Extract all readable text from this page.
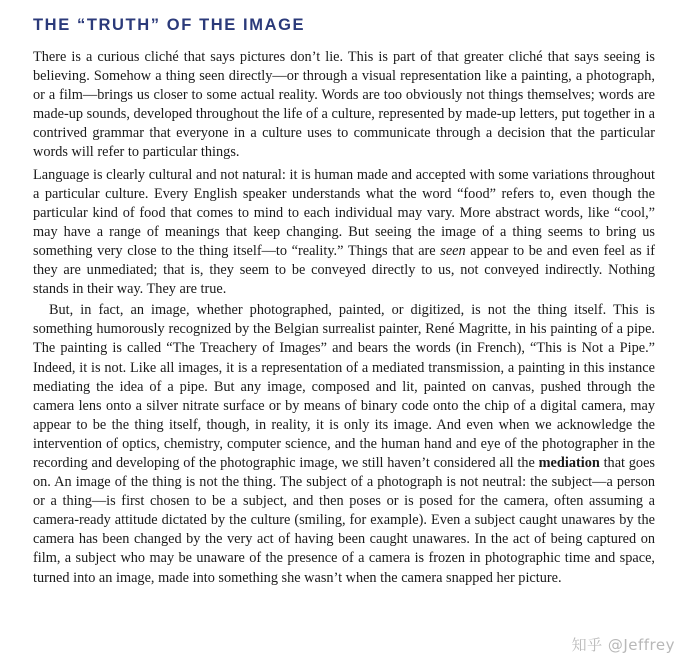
THE “TRUTH” OF THE IMAGE

There is a curious cliché that says pictures don’t lie. This is part of that greater cliché that says seeing is believing. Somehow a thing seen directly—or through a visual representation like a painting, a photograph, or a film—brings us closer to some actual reality. Words are too obviously not things themselves; words are made-up sounds, developed throughout the life of a culture, represented by made-up letters, put together in a contrived grammar that everyone in a culture uses to communicate through a decision that the particular words will refer to particular things.

Language is clearly cultural and not natural: it is human made and accepted with some variations throughout a particular culture. Every English speaker understands what the word “food” refers to, even though the particular kind of food that comes to mind to each individual may vary. More abstract words, like “cool,” may have a range of meanings that keep changing. But seeing the image of a thing seems to bring us something very close to the thing itself—to “reality.” Things that are seen appear to be and even feel as if they are unmediated; that is, they seem to be conveyed directly to us, not conveyed indirectly. Nothing stands in their way. They are true.

But, in fact, an image, whether photographed, painted, or digitized, is not the thing itself. This is something humorously recognized by the Belgian surrealist painter, René Magritte, in his painting of a pipe. The painting is called “The Treachery of Images” and bears the words (in French), “This is Not a Pipe.” Indeed, it is not. Like all images, it is a representation of a mediated transmission, a painting in this instance mediating the idea of a pipe. But any image, composed and lit, painted on canvas, pushed through the camera lens onto a silver nitrate surface or by means of binary code onto the chip of a digital camera, may appear to be the thing itself, though, in reality, it is only its image. And even when we acknowledge the intervention of optics, chemistry, computer science, and the human hand and eye of the photographer in the recording and developing of the photographic image, we still haven’t considered all the mediation that goes on. An image of the thing is not the thing. The subject of a photograph is not neutral: the subject—a person or a thing—is first chosen to be a subject, and then poses or is posed for the camera, often assuming a camera-ready attitude dictated by the culture (smiling, for example). Even a subject caught unawares by the camera has been changed by the very act of having been caught unawares. In the act of being captured on film, a subject who may be unaware of the presence of a camera is frozen in photographic time and space, turned into an image, made into something she wasn’t when the camera snapped her picture.

知乎 @Jeffrey
